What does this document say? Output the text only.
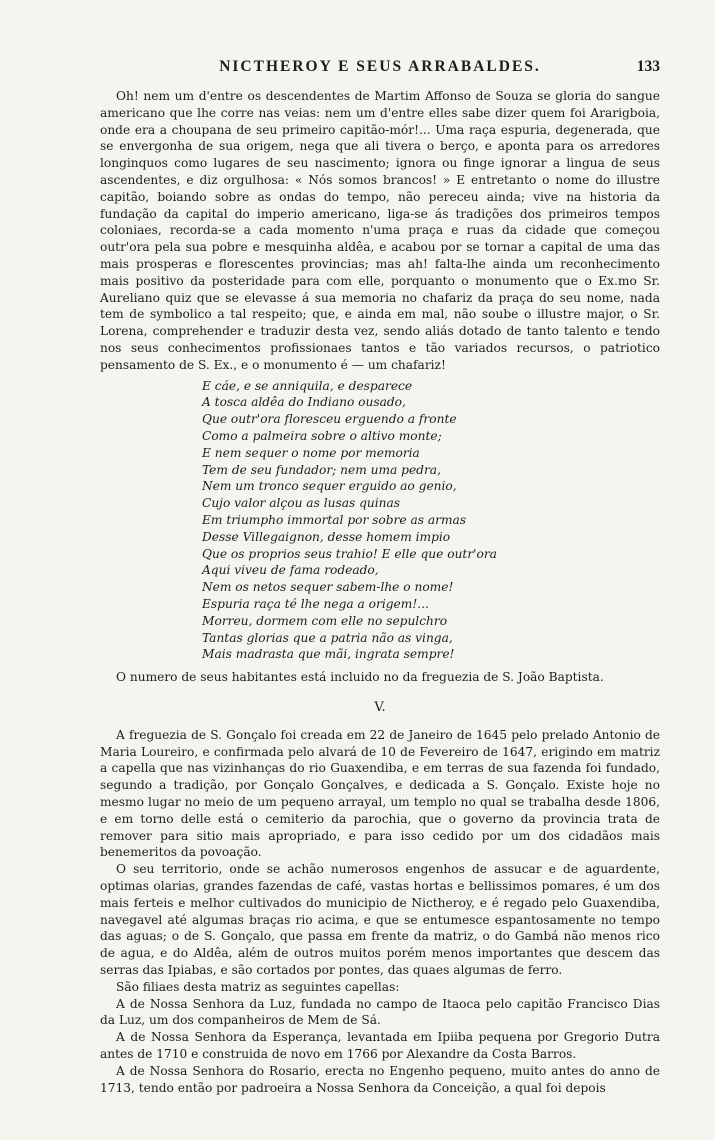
NICTHEROY E SEUS ARRABALDES.	133

Oh! nem um d'entre os descendentes de Martim Affonso de Souza se gloria do sangue americano que lhe corre nas veias: nem um d'entre elles sabe dizer quem foi Ararigboia, onde era a choupana de seu primeiro capitão-mór!... Uma raça espuria, degenerada, que se envergonha de sua origem, nega que ali tivera o berço, e aponta para os arredores longinquos como lugares de seu nascimento; ignora ou finge ignorar a lingua de seus ascendentes, e diz orgulhosa: « Nós somos brancos! » E entretanto o nome do illustre capitão, boiando sobre as ondas do tempo, não pereceu ainda; vive na historia da fundação da capital do imperio americano, liga-se ás tradições dos primeiros tempos coloniaes, recorda-se a cada momento n'uma praça e ruas da cidade que começou outr'ora pela sua pobre e mesquinha aldêa, e acabou por se tornar a capital de uma das mais prosperas e florescentes provincias; mas ah! falta-lhe ainda um reconhecimento mais positivo da posteridade para com elle, porquanto o monumento que o Ex.mo Sr. Aureliano quiz que se elevasse á sua memoria no chafariz da praça do seu nome, nada tem de symbolico a tal respeito; que, e ainda em mal, não soube o illustre major, o Sr. Lorena, comprehender e traduzir desta vez, sendo aliás dotado de tanto talento e tendo nos seus conhecimentos profissionaes tantos e tão variados recursos, o patriotico pensamento de S. Ex., e o monumento é — um chafariz!

E cáe, e se anniquila, e desparece
A tosca aldêa do Indiano ousado,
Que outr'ora floresceu erguendo a fronte
Como a palmeira sobre o altivo monte;
E nem sequer o nome por memoria
Tem de seu fundador; nem uma pedra,
Nem um tronco sequer erguido ao genio,
Cujo valor alçou as lusas quinas
Em triumpho immortal por sobre as armas
Desse Villegaignon, desse homem impio
Que os proprios seus trahio! E elle que outr'ora
Aqui viveu de fama rodeado,
Nem os netos sequer sabem-lhe o nome!
Espuria raça té lhe nega a origem!...
Morreu, dormem com elle no sepulchro
Tantas glorias que a patria não as vinga,
Mais madrasta que mãi, ingrata sempre!

O numero de seus habitantes está incluido no da freguezia de S. João Baptista.

V.

A freguezia de S. Gonçalo foi creada em 22 de Janeiro de 1645 pelo prelado Antonio de Maria Loureiro, e confirmada pelo alvará de 10 de Fevereiro de 1647, erigindo em matriz a capella que nas vizinhanças do rio Guaxendiba, e em terras de sua fazenda foi fundado, segundo a tradição, por Gonçalo Gonçalves, e dedicada a S. Gonçalo. Existe hoje no mesmo lugar no meio de um pequeno arrayal, um templo no qual se trabalha desde 1806, e em torno delle está o cemiterio da parochia, que o governo da provincia trata de remover para sitio mais apropriado, e para isso cedido por um dos cidadãos mais benemeritos da povoação.

O seu territorio, onde se achão numerosos engenhos de assucar e de aguardente, optimas olarias, grandes fazendas de café, vastas hortas e bellissimos pomares, é um dos mais ferteis e melhor cultivados do municipio de Nictheroy, e é regado pelo Guaxendiba, navegavel até algumas braças rio acima, e que se entumesce espantosamente no tempo das aguas; o de S. Gonçalo, que passa em frente da matriz, o do Gambá não menos rico de agua, e do Aldêa, além de outros muitos porém menos importantes que descem das serras das Ipiabas, e são cortados por pontes, das quaes algumas de ferro.

São filiaes desta matriz as seguintes capellas:

A de Nossa Senhora da Luz, fundada no campo de Itaoca pelo capitão Francisco Dias da Luz, um dos companheiros de Mem de Sá.
A de Nossa Senhora da Esperança, levantada em Ipiiba pequena por Gregorio Dutra antes de 1710 e construida de novo em 1766 por Alexandre da Costa Barros.
A de Nossa Senhora do Rosario, erecta no Engenho pequeno, muito antes do anno de 1713, tendo então por padroeira a Nossa Senhora da Conceição, a qual foi depois
